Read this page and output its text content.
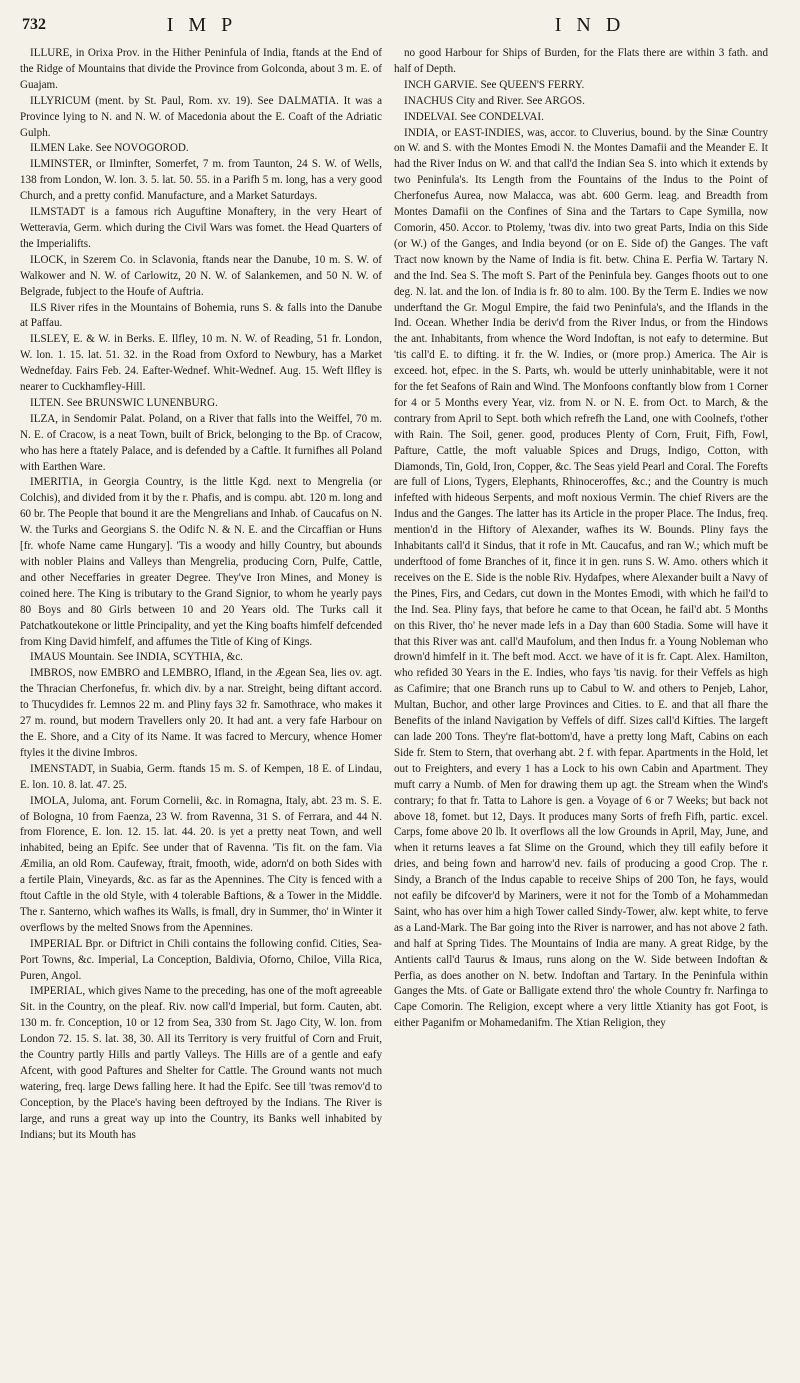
732	I M P	I N D

ILLURE, in Orixa Prov. in the Hither Peninfula of India, ftands at the End of the Ridge of Mountains that divide the Province from Golconda, about 3 m. E. of Guajam.

ILLYRICUM (ment. by St. Paul, Rom. xv. 19). See DALMATIA. It was a Province lying to N. and N. W. of Macedonia about the E. Coaft of the Adriatic Gulph.

ILMEN Lake. See NOVOGOROD.

ILMINSTER, or Ilminfter, Somerfet, 7 m. from Taunton, 24 S. W. of Wells, 138 from London, W. lon. 3. 5. lat. 50. 55. in a Parifh 5 m. long, has a very good Church, and a pretty confid. Manufacture, and a Market Saturdays.

ILMSTADT is a famous rich Auguftine Monaftery, in the very Heart of Wetteravia, Germ. which during the Civil Wars was fomet. the Head Quarters of the Imperialifts.

ILOCK, in Szerem Co. in Sclavonia, ftands near the Danube, 10 m. S. W. of Walkower and N. W. of Carlowitz, 20 N. W. of Salankemen, and 50 N. W. of Belgrade, fubject to the Houfe of Auftria.

ILS River rifes in the Mountains of Bohemia, runs S. & falls into the Danube at Paffau.

ILSLEY, E. & W. in Berks. E. Ilfley, 10 m. N. W. of Reading, 51 fr. London, W. lon. 1. 15. lat. 51. 32. in the Road from Oxford to Newbury, has a Market Wednefday. Fairs Feb. 24. Eafter-Wednef. Whit-Wednef. Aug. 15. Weft Ilfley is nearer to Cuckhamfley-Hill.

ILTEN. See BRUNSWIC LUNENBURG.

ILZA, in Sendomir Palat. Poland, on a River that falls into the Weiffel, 70 m. N. E. of Cracow, is a neat Town, built of Brick, belonging to the Bp. of Cracow, who has here a ftately Palace, and is defended by a Caftle. It furnifhes all Poland with Earthen Ware.

IMERITIA, in Georgia Country, is the little Kgd. next to Mengrelia (or Colchis), and divided from it by the r. Phafis, and is compu. abt. 120 m. long and 60 br. The People that bound it are the Mengrelians and Inhab. of Caucafus on N. W. the Turks and Georgians S. the Odifc N. & N. E. and the Circaffian or Huns [fr. whofe Name came Hungary]. 'Tis a woody and hilly Country, but abounds with nobler Plains and Valleys than Mengrelia, producing Corn, Pulfe, Cattle, and other Neceffaries in greater Degree. They've Iron Mines, and Money is coined here. The King is tributary to the Grand Signior, to whom he yearly pays 80 Boys and 80 Girls between 10 and 20 Years old. The Turks call it Patchatkoutekone or little Principality, and yet the King boafts himfelf defcended from King David himfelf, and affumes the Title of King of Kings.

IMAUS Mountain. See INDIA, SCYTHIA, &c.

IMBROS, now EMBRO and LEMBRO, Ifland, in the Ægean Sea, lies ov. agt. the Thracian Cherfonefus, fr. which div. by a nar. Streight, being diftant accord. to Thucydides fr. Lemnos 22 m. and Pliny fays 32 fr. Samothrace, who makes it 27 m. round, but modern Travellers only 20. It had ant. a very fafe Harbour on the E. Shore, and a City of its Name. It was facred to Mercury, whence Homer ftyles it the divine Imbros.

IMENSTADT, in Suabia, Germ. ftands 15 m. S. of Kempen, 18 E. of Lindau, E. lon. 10. 8. lat. 47. 25.

IMOLA, Juloma, ant. Forum Cornelii, &c. in Romagna, Italy, abt. 23 m. S. E. of Bologna, 10 from Faenza, 23 W. from Ravenna, 31 S. of Ferrara, and 44 N. from Florence, E. lon. 12. 15. lat. 44. 20. is yet a pretty neat Town, and well inhabited, being an Epifc. See under that of Ravenna. 'Tis fit. on the fam. Via Æmilia, an old Rom. Caufeway, ftrait, fmooth, wide, adorn'd on both Sides with a fertile Plain, Vineyards, &c. as far as the Apennines. The City is fenced with a ftout Caftle in the old Style, with 4 tolerable Baftions, & a Tower in the Middle. The r. Santerno, which wafhes its Walls, is fmall, dry in Summer, tho' in Winter it overflows by the melted Snows from the Apennines.

IMPERIAL Bpr. or Diftrict in Chili contains the following confid. Cities, Sea-Port Towns, &c. Imperial, La Conception, Baldivia, Oforno, Chiloe, Villa Rica, Puren, Angol.

IMPERIAL, which gives Name to the preceding, has one of the moft agreeable Sit. in the Country, on the pleaf. Riv. now call'd Imperial, but form. Cauten, abt. 130 m. fr. Conception, 10 or 12 from Sea, 330 from St. Jago City, W. lon. from London 72. 15. S. lat. 38, 30. All its Territory is very fruitful of Corn and Fruit, the Country partly Hills and partly Valleys. The Hills are of a gentle and eafy Afcent, with good Paftures and Shelter for Cattle. The Ground wants not much watering, freq. large Dews falling here. It had the Epifc. See till 'twas remov'd to Conception, by the Place's having been deftroyed by the Indians. The River is large, and runs a great way up into the Country, its Banks well inhabited by Indians; but its Mouth has

no good Harbour for Ships of Burden, for the Flats there are within 3 fath. and half of Depth.

INCH GARVIE. See QUEEN'S FERRY.

INACHUS City and River. See ARGOS.

INDELVAI. See CONDELVAI.

INDIA, or EAST-INDIES, was, accor. to Cluverius, bound. by the Sinæ Country on W. and S. with the Montes Emodi N. the Montes Damafii and the Meander E. It had the River Indus on W. and that call'd the Indian Sea S. into which it extends by two Peninfula's. Its Length from the Fountains of the Indus to the Point of Cherfonefus Aurea, now Malacca, was abt. 600 Germ. leag. and Breadth from Montes Damafii on the Confines of Sina and the Tartars to Cape Symilla, now Comorin, 450. Accor. to Ptolemy, 'twas div. into two great Parts, India on this Side (or W.) of the Ganges, and India beyond (or on E. Side of) the Ganges. The vaft Tract now known by the Name of India is fit. betw. China E. Perfia W. Tartary N. and the Ind. Sea S. The moft S. Part of the Peninfula bey. Ganges fhoots out to one deg. N. lat. and the lon. of India is fr. 80 to alm. 100. By the Term E. Indies we now underftand the Gr. Mogul Empire, the faid two Peninfula's, and the Iflands in the Ind. Ocean. Whether India be deriv'd from the River Indus, or from the Hindows the ant. Inhabitants, from whence the Word Indoftan, is not eafy to determine. But 'tis call'd E. to difting. it fr. the W. Indies, or (more prop.) America. The Air is exceed. hot, efpec. in the S. Parts, wh. would be utterly uninhabitable, were it not for the fet Seafons of Rain and Wind. The Monfoons conftantly blow from 1 Corner for 4 or 5 Months every Year, viz. from N. or N. E. from Oct. to March, & the contrary from April to Sept. both which refrefh the Land, one with Coolnefs, t'other with Rain. The Soil, gener. good, produces Plenty of Corn, Fruit, Fifh, Fowl, Pafture, Cattle, the moft valuable Spices and Drugs, Indigo, Cotton, with Diamonds, Tin, Gold, Iron, Copper, &c. The Seas yield Pearl and Coral. The Forefts are full of Lions, Tygers, Elephants, Rhinoceroffes, &c.; and the Country is much infefted with hideous Serpents, and moft noxious Vermin. The chief Rivers are the Indus and the Ganges. The latter has its Article in the proper Place. The Indus, freq. mention'd in the Hiftory of Alexander, wafhes its W. Bounds. Pliny fays the Inhabitants call'd it Sindus, that it rofe in Mt. Caucafus, and ran W.; which muft be underftood of fome Branches of it, fince it in gen. runs S. W. Amo. others which it receives on the E. Side is the noble Riv. Hydafpes, where Alexander built a Navy of the Pines, Firs, and Cedars, cut down in the Montes Emodi, with which he fail'd to the Ind. Sea. Pliny fays, that before he came to that Ocean, he fail'd abt. 5 Months on this River, tho' he never made lefs in a Day than 600 Stadia. Some will have it that this River was ant. call'd Maufolum, and then Indus fr. a Young Nobleman who drown'd himfelf in it. The beft mod. Acct. we have of it is fr. Capt. Alex. Hamilton, who refided 30 Years in the E. Indies, who fays 'tis navig. for their Veffels as high as Cafimire; that one Branch runs up to Cabul to W. and others to Penjeb, Lahor, Multan, Buchor, and other large Provinces and Cities. to E. and that all fhare the Benefits of the inland Navigation by Veffels of diff. Sizes call'd Kifties. The largeft can lade 200 Tons. They're flat-bottom'd, have a pretty long Maft, Cabins on each Side fr. Stem to Stern, that overhang abt. 2 f. with fepar. Apartments in the Hold, let out to Freighters, and every 1 has a Lock to his own Cabin and Apartment. They muft carry a Numb. of Men for drawing them up agt. the Stream when the Wind's contrary; fo that fr. Tatta to Lahore is gen. a Voyage of 6 or 7 Weeks; but back not above 18, fomet. but 12, Days. It produces many Sorts of frefh Fifh, partic. excel. Carps, fome above 20 lb. It overflows all the low Grounds in April, May, June, and when it returns leaves a fat Slime on the Ground, which they till eafily before it dries, and being fown and harrow'd nev. fails of producing a good Crop. The r. Sindy, a Branch of the Indus capable to receive Ships of 200 Ton, he fays, would not eafily be difcover'd by Mariners, were it not for the Tomb of a Mohammedan Saint, who has over him a high Tower called Sindy-Tower, alw. kept white, to ferve as a Land-Mark. The Bar going into the River is narrower, and has not above 2 fath. and half at Spring Tides. The Mountains of India are many. A great Ridge, by the Antients call'd Taurus & Imaus, runs along on the W. Side between Indoftan & Perfia, as does another on N. betw. Indoftan and Tartary. In the Peninfula within Ganges the Mts. of Gate or Balligate extend thro' the whole Country fr. Narfinga to Cape Comorin. The Religion, except where a very little Xtianity has got Foot, is either Paganifm or Mohamedanifm. The Xtian Religion, they
